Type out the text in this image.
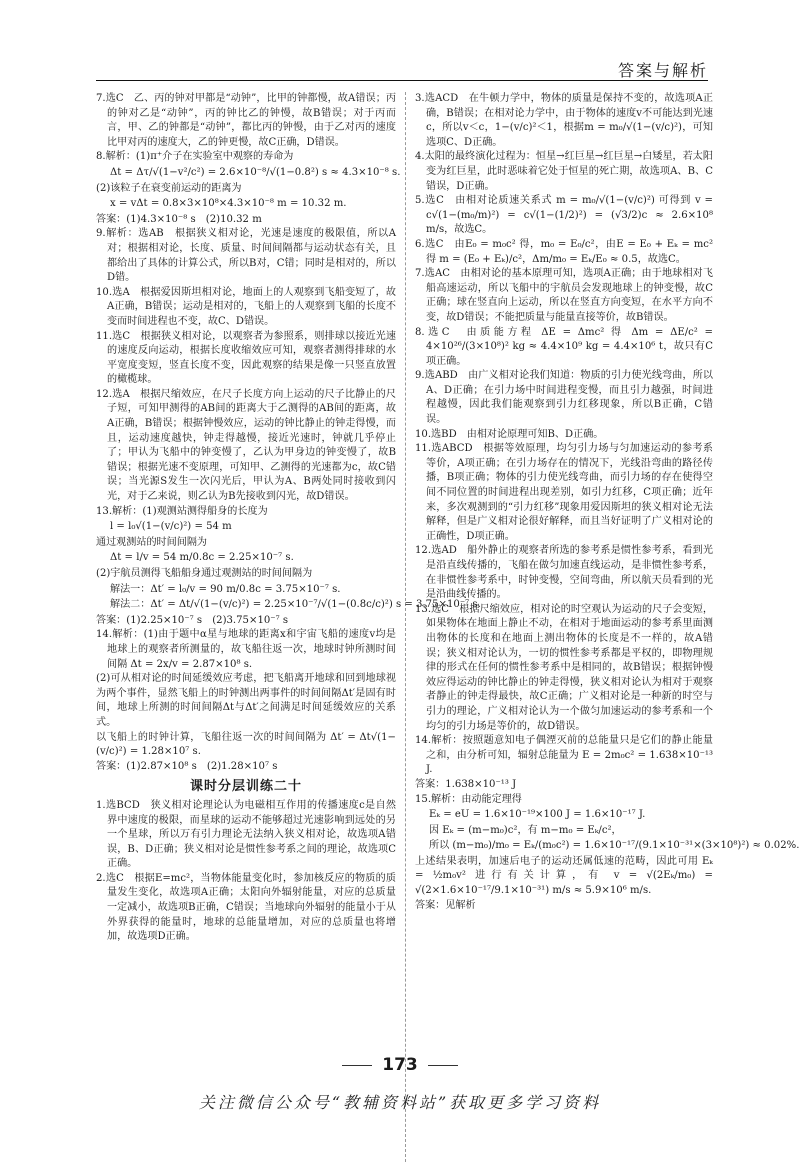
答案与解析

7.选C　乙、丙的钟对甲都是“动钟”，比甲的钟都慢，故A错误；丙的钟对乙是“动钟”，丙的钟比乙的钟慢，故B错误；对于丙而言，甲、乙的钟都是“动钟”，都比丙的钟慢，由于乙对丙的速度比甲对丙的速度大，乙的钟更慢，故C正确，D错误。

8.解析：(1)π⁺介子在实验室中观察的寿命为

Δt = Δτ/√(1−v²/c²) = 2.6×10⁻⁸/√(1−0.8²) s ≈ 4.3×10⁻⁸ s.

(2)该粒子在衰变前运动的距离为

x = vΔt = 0.8×3×10⁸×4.3×10⁻⁸ m = 10.32 m.

答案：(1)4.3×10⁻⁸ s　(2)10.32 m

9.解析：选AB　根据狭义相对论，光速是速度的极限值，所以A对；根据相对论，长度、质量、时间间隔都与运动状态有关，且都给出了具体的计算公式，所以B对，C错；同时是相对的，所以D错。

10.选A　根据爱因斯坦相对论，地面上的人观察到飞船变短了，故A正确，B错误；运动是相对的，飞船上的人观察到飞船的长度不变而时间进程也不变，故C、D错误。

11.选C　根据狭义相对论，以观察者为参照系，则排球以接近光速的速度反向运动，根据长度收缩效应可知，观察者测得排球的水平宽度变短，竖直长度不变，因此观察的结果是像一只竖直放置的橄榄球。

12.选A　根据尺缩效应，在尺子长度方向上运动的尺子比静止的尺子短，可知甲测得的AB间的距离大于乙测得的AB间的距离，故A正确，B错误；根据钟慢效应，运动的钟比静止的钟走得慢，而且，运动速度越快，钟走得越慢，接近光速时，钟就几乎停止了；甲认为飞船中的钟变慢了，乙认为甲身边的钟变慢了，故B错误；根据光速不变原理，可知甲、乙测得的光速都为c，故C错误；当光源S发生一次闪光后，甲认为A、B两处同时接收到闪光，对于乙来说，则乙认为B先接收到闪光，故D错误。

13.解析：(1)观测站测得船身的长度为

l = l₀√(1−(v/c)²) = 54 m

通过观测站的时间间隔为

Δt = l/v = 54 m/0.8c = 2.25×10⁻⁷ s.

(2)宇航员测得飞船船身通过观测站的时间间隔为

解法一：Δt′ = l₀/v = 90 m/0.8c = 3.75×10⁻⁷ s.
解法二：Δt′ = Δt/√(1−(v/c)²) = 2.25×10⁻⁷/√(1−(0.8c/c)²) s = 3.75×10⁻⁷ s.

答案：(1)2.25×10⁻⁷ s　(2)3.75×10⁻⁷ s

14.解析：(1)由于题中α星与地球的距离x和宇宙飞船的速度v均是地球上的观察者所测量的，故飞船往返一次，地球时钟所测时间间隔 Δt = 2x/v = 2.87×10⁸ s.

(2)可从相对论的时间延缓效应考虑，把飞船离开地球和回到地球视为两个事件，显然飞船上的时钟测出两事件的时间间隔Δt′是固有时间，地球上所测的时间间隔Δt与Δt′之间满足时间延缓效应的关系式。

以飞船上的时钟计算，飞船往返一次的时间间隔为 Δt′ = Δt√(1−(v/c)²) = 1.28×10⁷ s.

答案：(1)2.87×10⁸ s　(2)1.28×10⁷ s

课时分层训练二十

1.选BCD　狭义相对论理论认为电磁相互作用的传播速度c是自然界中速度的极限，而星球的运动不能够超过光速影响到远处的另一个星球，所以万有引力理论无法纳入狭义相对论，故选项A错误，B、D正确；狭义相对论是惯性参考系之间的理论，故选项C正确。

2.选C　根据E=mc²，当物体能量变化时，参加核反应的物质的质量发生变化，故选项A正确；太阳向外辐射能量，对应的总质量一定减小，故选项B正确，C错误；当地球向外辐射的能量小于从外界获得的能量时，地球的总能量增加，对应的总质量也将增加，故选项D正确。

3.选ACD　在牛顿力学中，物体的质量是保持不变的，故选项A正确，B错误；在相对论力学中，由于物体的速度v不可能达到光速c，所以v＜c，1−(v/c)²＜1，根据m = m₀/√(1−(v/c)²)，可知选项C、D正确。

4.太阳的最终演化过程为：恒星→红巨星→红巨星→白矮星，若太阳变为红巨星，此时恶味着它处于恒星的死亡期，故选项A、B、C错误，D正确。

5.选C　由相对论质速关系式 m = m₀/√(1−(v/c)²) 可得到 v = c√(1−(m₀/m)²) = c√(1−(1/2)²) = (√3/2)c ≈ 2.6×10⁸ m/s，故选C。

6.选C　由E₀ = m₀c² 得，m₀ = E₀/c²，由E = E₀ + Eₖ = mc² 得 m = (E₀ + Eₖ)/c²，Δm/m₀ = Eₖ/E₀ ≈ 0.5，故选C。

7.选AC　由相对论的基本原理可知，选项A正确；由于地球相对飞船高速运动，所以飞船中的宇航员会发现地球上的钟变慢，故C正确；球在竖直向上运动，所以在竖直方向变短，在水平方向不变，故D错误；不能把质量与能量直接等价，故B错误。

8.选C　由质能方程 ΔE = Δmc² 得 Δm = ΔE/c² = 4×10²⁶/(3×10⁸)² kg ≈ 4.4×10⁹ kg = 4.4×10⁶ t，故只有C项正确。

9.选ABD　由广义相对论我们知道：物质的引力使光线弯曲，所以A、D正确；在引力场中时间进程变慢，而且引力越强，时间进程越慢，因此我们能观察到引力红移现象，所以B正确，C错误。

10.选BD　由相对论原理可知B、D正确。

11.选ABCD　根据等效原理，均匀引力场与匀加速运动的参考系等价，A项正确；在引力场存在的情况下，光线沿弯曲的路径传播，B项正确；物体的引力使光线弯曲，而引力场的存在使得空间不同位置的时间进程出现差别，如引力红移，C项正确；近年来，多次观测到的“引力红移”现象用爱因斯坦的狭义相对论无法解释，但是广义相对论很好解释，而且当好证明了广义相对论的正确性，D项正确。

12.选AD　船外静止的观察者所选的参考系是惯性参考系，看到光是沿直线传播的，飞船在做匀加速直线运动，是非惯性参考系，在非惯性参考系中，时钟变慢，空间弯曲，所以航天员看到的光是沿曲线传播的。

13.选C　根据尺缩效应，相对论的时空观认为运动的尺子会变短，如果物体在地面上静止不动，在相对于地面运动的参考系里面测出物体的长度和在地面上测出物体的长度是不一样的，故A错误；狭义相对论认为，一切的惯性参考系都是平权的，即物理规律的形式在任何的惯性参考系中是相同的，故B错误；根据钟慢效应得运动的钟比静止的钟走得慢，狭义相对论认为相对于观察者静止的钟走得最快，故C正确；广义相对论是一种新的时空与引力的理论，广义相对论认为一个做匀加速运动的参考系和一个均匀的引力场是等价的，故D错误。

14.解析：按照题意知电子偶湮灭前的总能量只是它们的静止能量之和，由分析可知，辐射总能量为 E = 2m₀c² = 1.638×10⁻¹³ J.

答案：1.638×10⁻¹³ J

15.解析：由动能定理得

Eₖ = eU = 1.6×10⁻¹⁹×100 J = 1.6×10⁻¹⁷ J.
因 Eₖ = (m−m₀)c²，有 m−m₀ = Eₖ/c²，
所以 (m−m₀)/m₀ = Eₖ/(m₀c²) = 1.6×10⁻¹⁷/(9.1×10⁻³¹×(3×10⁸)²) ≈ 0.02%.

上述结果表明，加速后电子的运动还属低速的范畴，因此可用 Eₖ = ½m₀v² 进行有关计算，有 v = √(2Eₖ/m₀) = √(2×1.6×10⁻¹⁷/9.1×10⁻³¹) m/s ≈ 5.9×10⁶ m/s.

答案：见解析

173
关注微信公众号“教辅资料站”获取更多学习资料
